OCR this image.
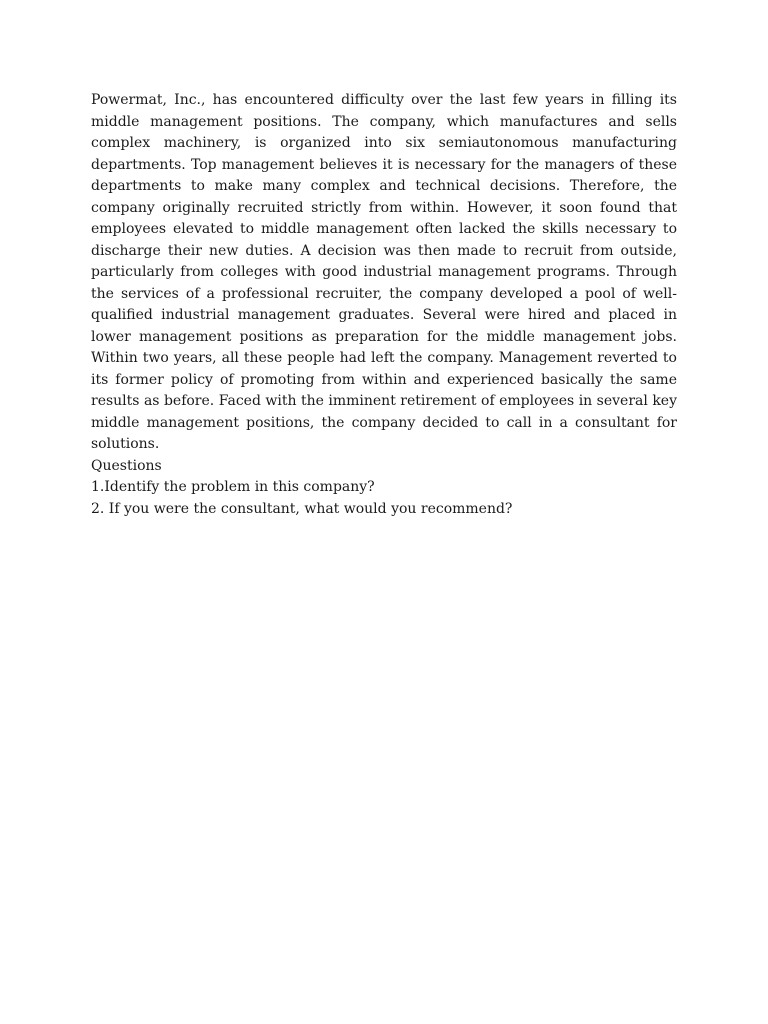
Powermat, Inc., has encountered difficulty over the last few years in filling its middle management positions. The company, which manufactures and sells complex machinery, is organized into six semiautonomous manufacturing departments. Top management believes it is necessary for the managers of these departments to make many complex and technical decisions. Therefore, the company originally recruited strictly from within. However, it soon found that employees elevated to middle management often lacked the skills necessary to discharge their new duties. A decision was then made to recruit from outside, particularly from colleges with good industrial management programs. Through the services of a professional recruiter, the company developed a pool of well-qualified industrial management graduates. Several were hired and placed in lower management positions as preparation for the middle management jobs. Within two years, all these people had left the company. Management reverted to its former policy of promoting from within and experienced basically the same results as before. Faced with the imminent retirement of employees in several key middle management positions, the company decided to call in a consultant for solutions.

Questions

1.Identify the problem in this company?
2. If you were the consultant, what would you recommend?
